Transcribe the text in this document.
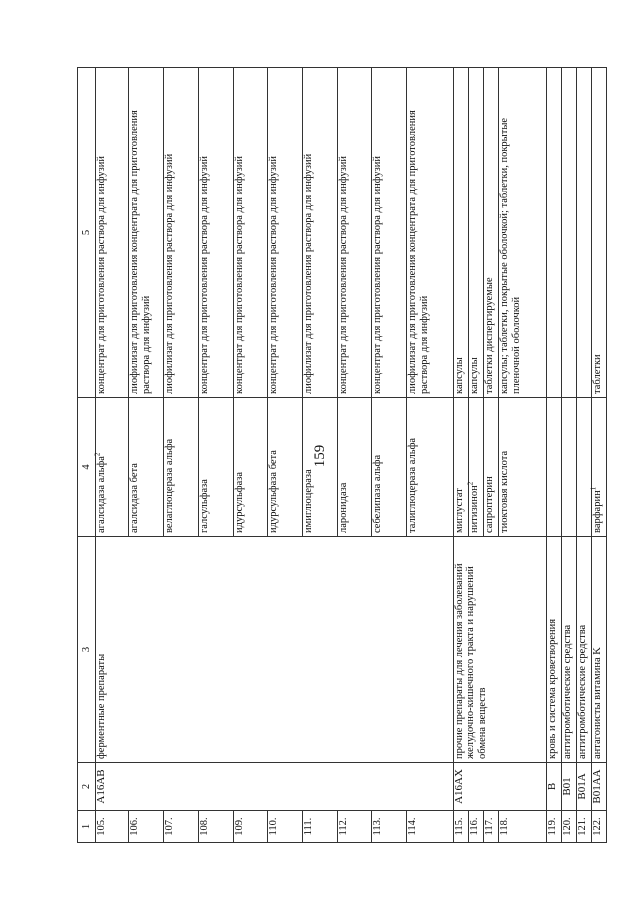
159
1	2	3	4	5
105.	A16AB	ферментные препараты	агалсидаза альфа$^2$	концентрат для приготовления раствора для инфузий
106.			агалсидаза бета	лиофилизат для приготовления концентрата для приготовления раствора для инфузий
107.			велаглюцераза альфа	лиофилизат для приготовления раствора для инфузий
108.			галсульфаза	концентрат для приготовления раствора для инфузий
109.			идурсульфаза	концентрат для приготовления раствора для инфузий
110.			идурсульфаза бета	концентрат для приготовления раствора для инфузий
111.			имиглюцераза	лиофилизат для приготовления раствора для инфузий
112.			ларонидаза	концентрат для приготовления раствора для инфузий
113.			себелипаза альфа	концентрат для приготовления раствора для инфузий
114.			талиглюцераза альфа	лиофилизат для приготовления концентрата для приготовления раствора для инфузий
115.	A16AX	прочие препараты для лечения заболеваний желудочно-кишечного тракта и нарушений обмена веществ	миглустат	капсулы
116.			нитизинон$^2$	капсулы
117.			сапроптерин	таблетки диспергируемые
118.			тиоктовая кислота	капсулы; таблетки, покрытые оболочкой; таблетки, покрытые пленочной оболочкой
119.	B	кровь и система кроветворения		
120.	B01	антитромботические средства		
121.	B01A	антитромботические средства		
122.	B01AA	антагонисты витамина K	варфарин$^1$	таблетки
